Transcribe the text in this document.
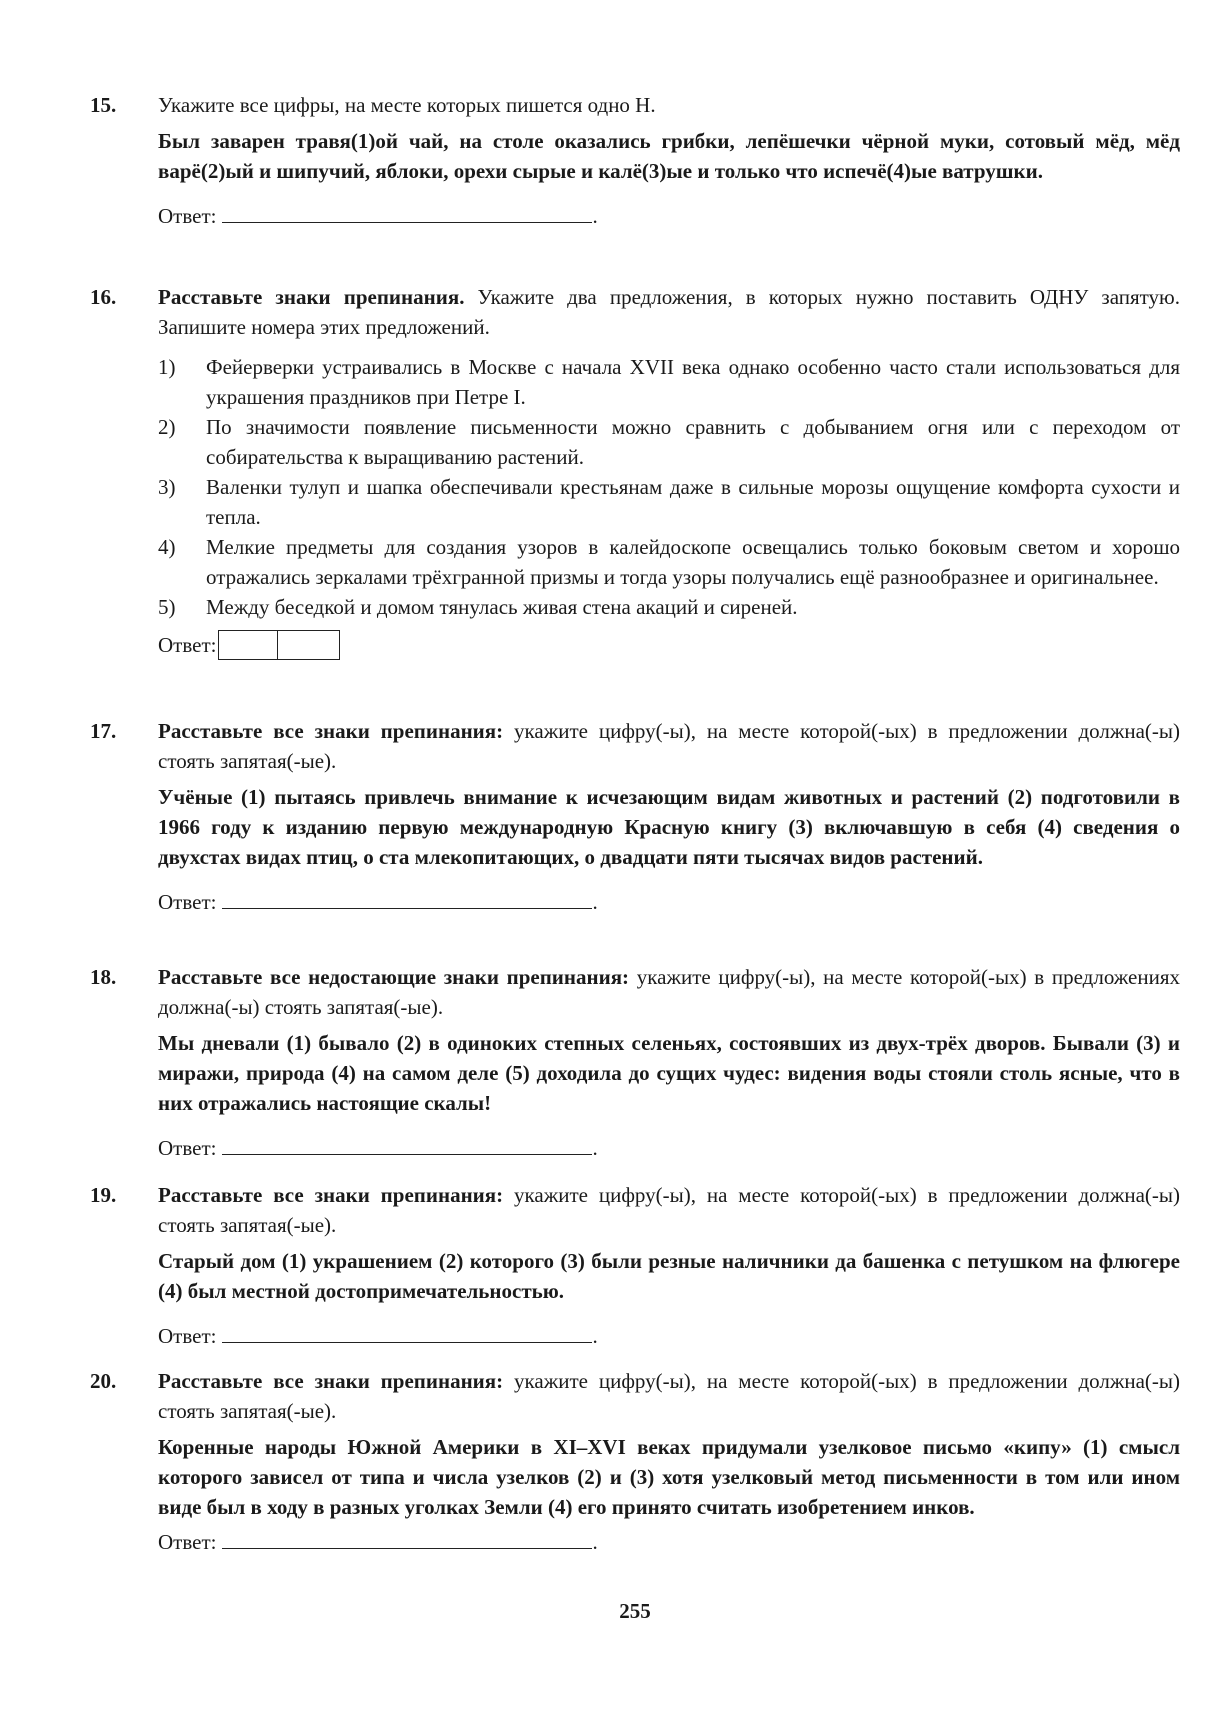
15. Укажите все цифры, на месте которых пишется одно Н.
Был заварен травя(1)ой чай, на столе оказались грибки, лепёшечки чёрной муки, сотовый мёд, мёд варё(2)ый и шипучий, яблоки, орехи сырые и калё(3)ые и только что испечё(4)ые ватрушки.
Ответ:	.
16. Расставьте знаки препинания. Укажите два предложения, в которых нужно поставить ОДНУ запятую. Запишите номера этих предложений.
1) Фейерверки устраивались в Москве с начала XVII века однако особенно часто стали использоваться для украшения праздников при Петре I.
2) По значимости появление письменности можно сравнить с добыванием огня или с переходом от собирательства к выращиванию растений.
3) Валенки тулуп и шапка обеспечивали крестьянам даже в сильные морозы ощущение комфорта сухости и тепла.
4) Мелкие предметы для создания узоров в калейдоскопе освещались только боковым светом и хорошо отражались зеркалами трёхгранной призмы и тогда узоры получались ещё разнообразнее и оригинальнее.
5) Между беседкой и домом тянулась живая стена акаций и сиреней.
Ответ:
17. Расставьте все знаки препинания: укажите цифру(-ы), на месте которой(-ых) в предложении должна(-ы) стоять запятая(-ые).
Учёные (1) пытаясь привлечь внимание к исчезающим видам животных и растений (2) подготовили в 1966 году к изданию первую международную Красную книгу (3) включавшую в себя (4) сведения о двухстах видах птиц, о ста млекопитающих, о двадцати пяти тысячах видов растений.
Ответ:	.
18. Расставьте все недостающие знаки препинания: укажите цифру(-ы), на месте которой(-ых) в предложениях должна(-ы) стоять запятая(-ые).
Мы дневали (1) бывало (2) в одиноких степных селеньях, состоявших из двух-трёх дворов. Бывали (3) и миражи, природа (4) на самом деле (5) доходила до сущих чудес: видения воды стояли столь ясные, что в них отражались настоящие скалы!
Ответ:	.
19. Расставьте все знаки препинания: укажите цифру(-ы), на месте которой(-ых) в предложении должна(-ы) стоять запятая(-ые).
Старый дом (1) украшением (2) которого (3) были резные наличники да башенка с петушком на флюгере (4) был местной достопримечательностью.
Ответ:	.
20. Расставьте все знаки препинания: укажите цифру(-ы), на месте которой(-ых) в предложении должна(-ы) стоять запятая(-ые).
Коренные народы Южной Америки в XI–XVI веках придумали узелковое письмо «кипу» (1) смысл которого зависел от типа и числа узелков (2) и (3) хотя узелковый метод письменности в том или ином виде был в ходу в разных уголках Земли (4) его принято считать изобретением инков.
Ответ:	.
255
